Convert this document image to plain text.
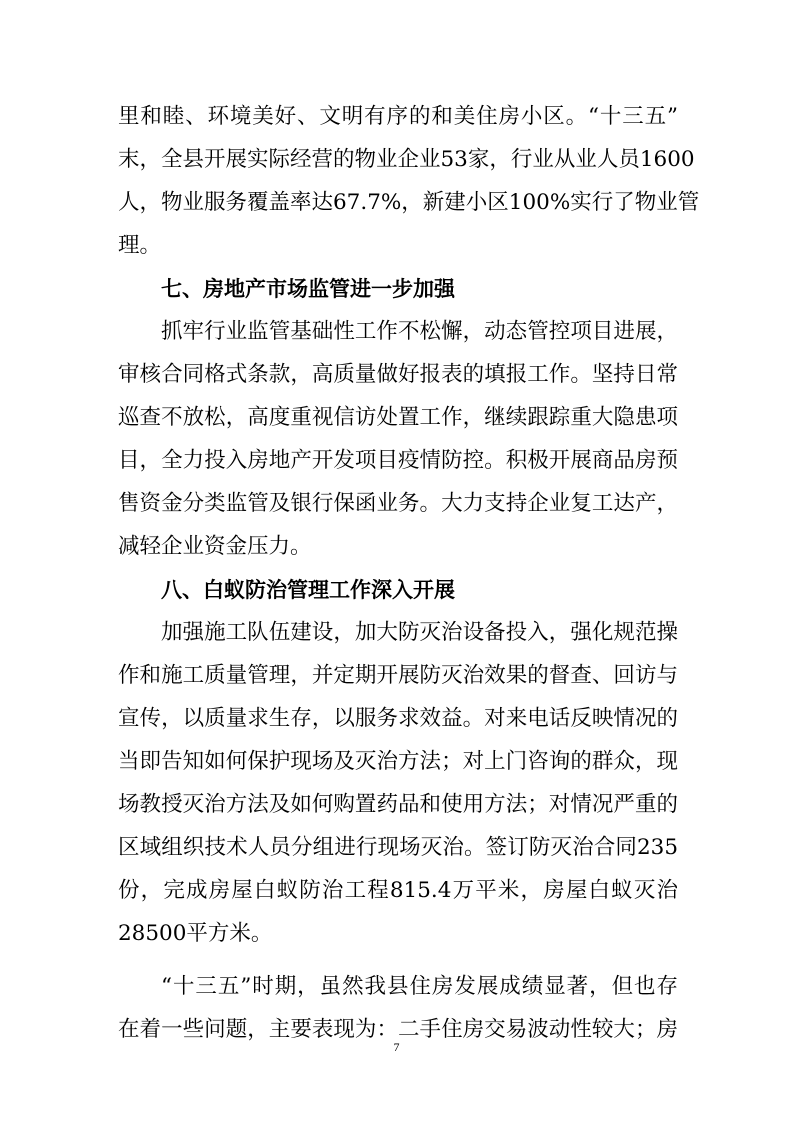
里和睦、环境美好、文明有序的和美住房小区。“十三五”
末，全县开展实际经营的物业企业53家，行业从业人员1600
人，物业服务覆盖率达67.7%，新建小区100%实行了物业管
理。
七、房地产市场监管进一步加强
抓牢行业监管基础性工作不松懈，动态管控项目进展，
审核合同格式条款，高质量做好报表的填报工作。坚持日常
巡查不放松，高度重视信访处置工作，继续跟踪重大隐患项
目，全力投入房地产开发项目疫情防控。积极开展商品房预
售资金分类监管及银行保函业务。大力支持企业复工达产，
减轻企业资金压力。
八、白蚁防治管理工作深入开展
加强施工队伍建设，加大防灭治设备投入，强化规范操
作和施工质量管理，并定期开展防灭治效果的督查、回访与
宣传，以质量求生存，以服务求效益。对来电话反映情况的
当即告知如何保护现场及灭治方法；对上门咨询的群众，现
场教授灭治方法及如何购置药品和使用方法；对情况严重的
区域组织技术人员分组进行现场灭治。签订防灭治合同235
份，完成房屋白蚁防治工程815.4万平米，房屋白蚁灭治
28500平方米。
“十三五”时期，虽然我县住房发展成绩显著，但也存
在着一些问题，主要表现为：二手住房交易波动性较大；房
7
